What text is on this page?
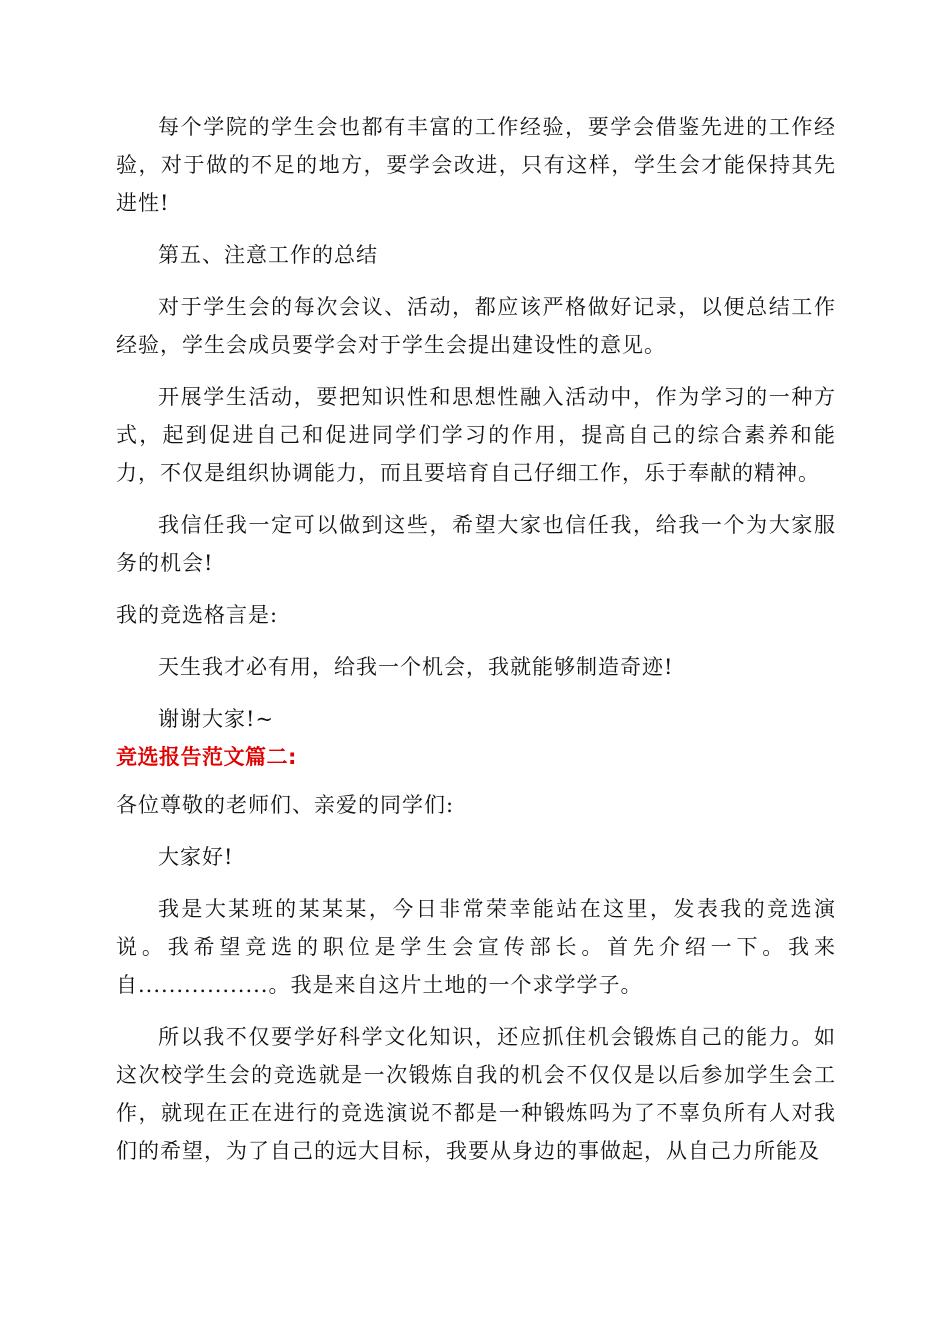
每个学院的学生会也都有丰富的工作经验，要学会借鉴先进的工作经验，对于做的不足的地方，要学会改进，只有这样，学生会才能保持其先进性!

第五、注意工作的总结

对于学生会的每次会议、活动，都应该严格做好记录，以便总结工作经验，学生会成员要学会对于学生会提出建设性的意见。

开展学生活动，要把知识性和思想性融入活动中，作为学习的一种方式，起到促进自己和促进同学们学习的作用，提高自己的综合素养和能力，不仅是组织协调能力，而且要培育自己仔细工作，乐于奉献的精神。

我信任我一定可以做到这些，希望大家也信任我，给我一个为大家服务的机会!

我的竞选格言是:

天生我才必有用，给我一个机会，我就能够制造奇迹!

谢谢大家!~

竞选报告范文篇二:

各位尊敬的老师们、亲爱的同学们:

大家好!

我是大某班的某某某，今日非常荣幸能站在这里，发表我的竞选演说。我希望竞选的职位是学生会宣传部长。首先介绍一下。我来自.................。我是来自这片土地的一个求学学子。

所以我不仅要学好科学文化知识，还应抓住机会锻炼自己的能力。如这次校学生会的竞选就是一次锻炼自我的机会不仅仅是以后参加学生会工作，就现在正在进行的竞选演说不都是一种锻炼吗为了不辜负所有人对我们的希望，为了自己的远大目标，我要从身边的事做起，从自己力所能及
